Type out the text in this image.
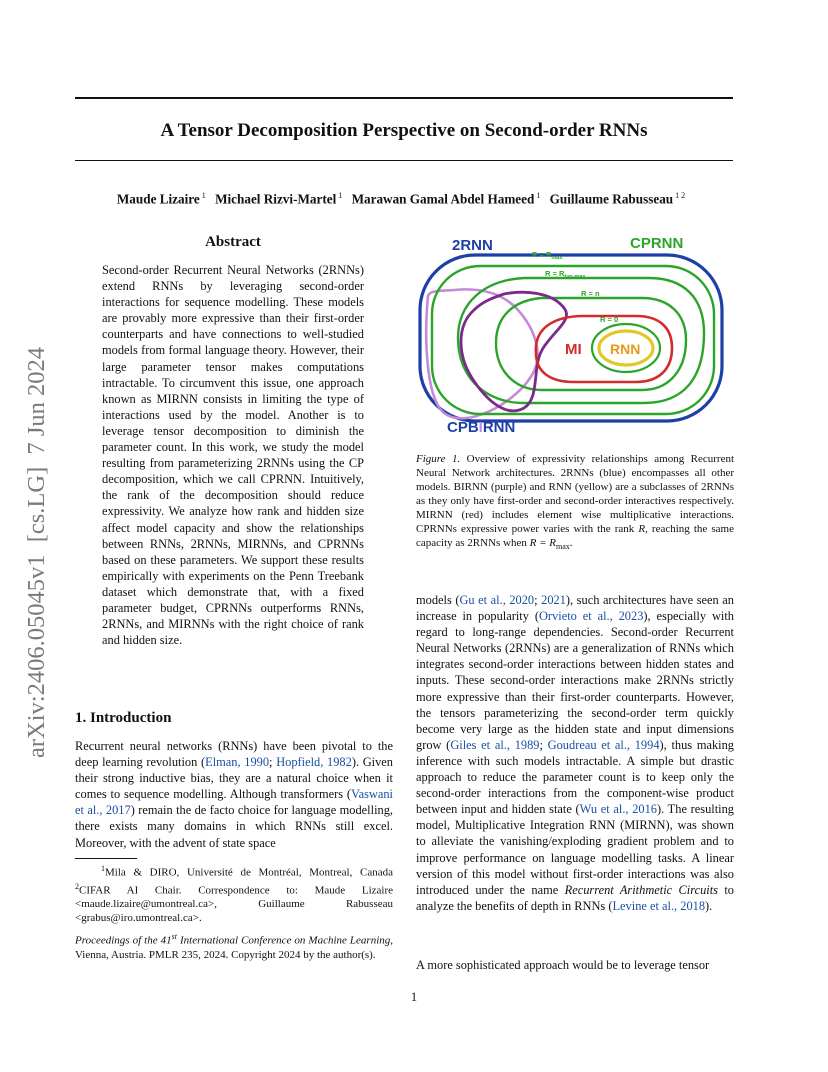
A Tensor Decomposition Perspective on Second-order RNNs
Maude Lizaire $^1$ Michael Rizvi-Martel $^1$ Marawan Gamal Abdel Hameed $^1$ Guillaume Rabusseau $^{1 2}$
arXiv:2406.05045v1  [cs.LG]  7 Jun 2024
Abstract

Second-order Recurrent Neural Networks (2RNNs) extend RNNs by leveraging second-order interactions for sequence modelling. These models are provably more expressive than their first-order counterparts and have connections to well-studied models from formal language theory. However, their large parameter tensor makes computations intractable. To circumvent this issue, one approach known as MIRNN consists in limiting the type of interactions used by the model. Another is to leverage tensor decomposition to diminish the parameter count. In this work, we study the model resulting from parameterizing 2RNNs using the CP decomposition, which we call CPRNN. Intuitively, the rank of the decomposition should reduce expressivity. We analyze how rank and hidden size affect model capacity and show the relationships between RNNs, 2RNNs, MIRNNs, and CPRNNs based on these parameters. We support these results empirically with experiments on the Penn Treebank dataset which demonstrate that, with a fixed parameter budget, CPRNNs outperforms RNNs, 2RNNs, and MIRNNs with the right choice of rank and hidden size.

1. Introduction

Recurrent neural networks (RNNs) have been pivotal to the deep learning revolution (Elman, 1990; Hopfield, 1982). Given their strong inductive bias, they are a natural choice when it comes to sequence modelling. Although transformers (Vaswani et al., 2017) remain the de facto choice for language modelling, there exists many domains in which RNNs still excel. Moreover, with the advent of state space

$^1$Mila & DIRO, Université de Montréal, Montreal, Canada $^2$CIFAR AI Chair. Correspondence to: Maude Lizaire <maude.lizaire@umontreal.ca>, Guillaume Rabusseau <grabus@iro.umontreal.ca>.

Proceedings of the 41st International Conference on Machine Learning, Vienna, Austria. PMLR 235, 2024. Copyright 2024 by the author(s).

2RNN	CPRNN
CPBIRNN
$R = R_{max}$
$R = R_{typ-max}$
R = n
R = 0
MI RNN

Figure 1. Overview of expressivity relationships among Recurrent Neural Network architectures. 2RNNs (blue) encompasses all other models. BIRNN (purple) and RNN (yellow) are a subclasses of 2RNNs as they only have first-order and second-order interactives respectively. MIRNN (red) includes element wise multiplicative interactions. CPRNNs expressive power varies with the rank R, reaching the same capacity as 2RNNs when $R = R_{max}$.

models (Gu et al., 2020; 2021), such architectures have seen an increase in popularity (Orvieto et al., 2023), especially with regard to long-range dependencies. Second-order Recurrent Neural Networks (2RNNs) are a generalization of RNNs which integrates second-order interactions between hidden states and inputs. These second-order interactions make 2RNNs strictly more expressive than their first-order counterparts. However, the tensors parameterizing the second-order term quickly become very large as the hidden state and input dimensions grow (Giles et al., 1989; Goudreau et al., 1994), thus making inference with such models intractable. A simple but drastic approach to reduce the parameter count is to keep only the second-order interactions from the component-wise product between input and hidden state (Wu et al., 2016). The resulting model, Multiplicative Integration RNN (MIRNN), was shown to alleviate the vanishing/exploding gradient problem and to improve performance on language modelling tasks. A linear version of this model without first-order interactions was also introduced under the name Recurrent Arithmetic Circuits to analyze the benefits of depth in RNNs (Levine et al., 2018).

A more sophisticated approach would be to leverage tensor

1
